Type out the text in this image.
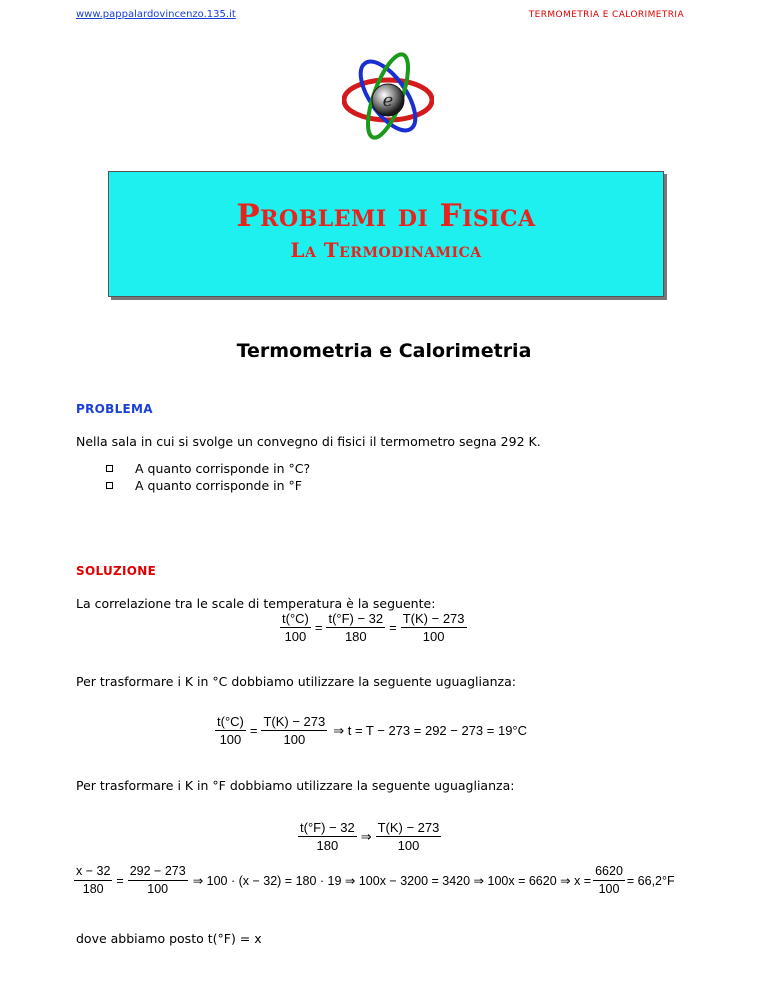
www.pappalardovincenzo.135.it	TERMOMETRIA E CALORIMETRIA
e
Problemi di Fisica
La Termodinamica
Termometria e Calorimetria
PROBLEMA
Nella sala in cui si svolge un convegno di fisici il termometro segna 292 K.
A quanto corrisponde in °C?
A quanto corrisponde in °F
SOLUZIONE
La correlazione tra le scale di temperatura è la seguente:
$\frac{t(^\circ C)}{100} = \frac{t(^\circ F) - 32}{180} = \frac{T(K) - 273}{100}$
Per trasformare i K in °C dobbiamo utilizzare la seguente uguaglianza:
$\frac{t(^\circ C)}{100} = \frac{T(K) - 273}{100}$ ⇒ t = T − 273 = 292 − 273 = 19°C
Per trasformare i K in °F dobbiamo utilizzare la seguente uguaglianza:
$\frac{t(^\circ F) - 32}{180}$ ⇒ $\frac{T(K) - 273}{100}$
$\frac{x - 32}{180} = \frac{292 - 273}{100}$ ⇒ 100 · (x − 32) = 180 · 19 ⇒ 100x − 3200 = 3420 ⇒ 100x = 6620 ⇒ $x = \frac{6620}{100} = 66,2^\circ F$
dove abbiamo posto t(°F) = x
